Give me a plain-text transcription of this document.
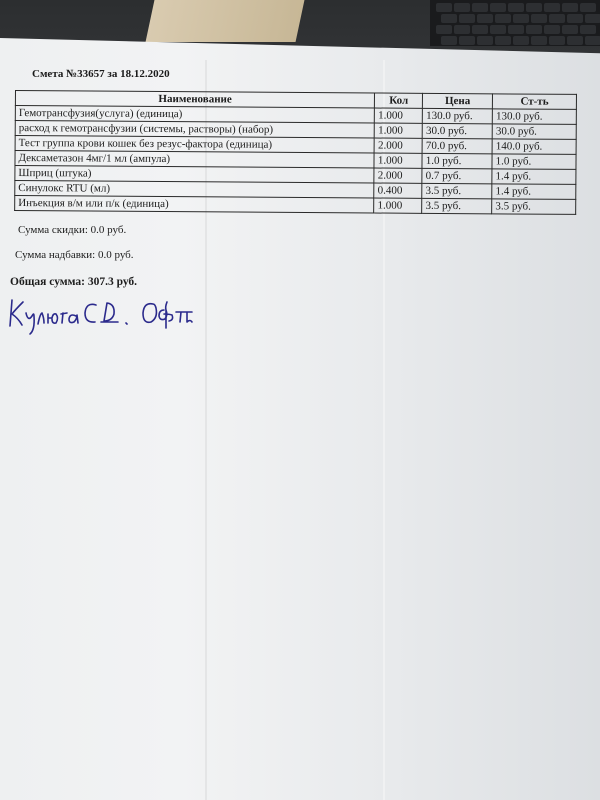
Смета №33657 за 18.12.2020
Наименование	Кол	Цена	Ст-ть
Гемотрансфузия(услуга) (единица)	1.000	130.0 руб.	130.0 руб.
расход к гемотрансфузии (системы, растворы) (набор)	1.000	30.0 руб.	30.0 руб.
Тест группа крови кошек без резус-фактора (единица)	2.000	70.0 руб.	140.0 руб.
Дексаметазон 4мг/1 мл (ампула)	1.000	1.0 руб.	1.0 руб.
Шприц (штука)	2.000	0.7 руб.	1.4 руб.
Синулокс RTU (мл)	0.400	3.5 руб.	1.4 руб.
Инъекция в/м или п/к (единица)	1.000	3.5 руб.	3.5 руб.
Сумма скидки: 0.0 руб.
Сумма надбавки: 0.0 руб.
Общая сумма: 307.3 руб.
